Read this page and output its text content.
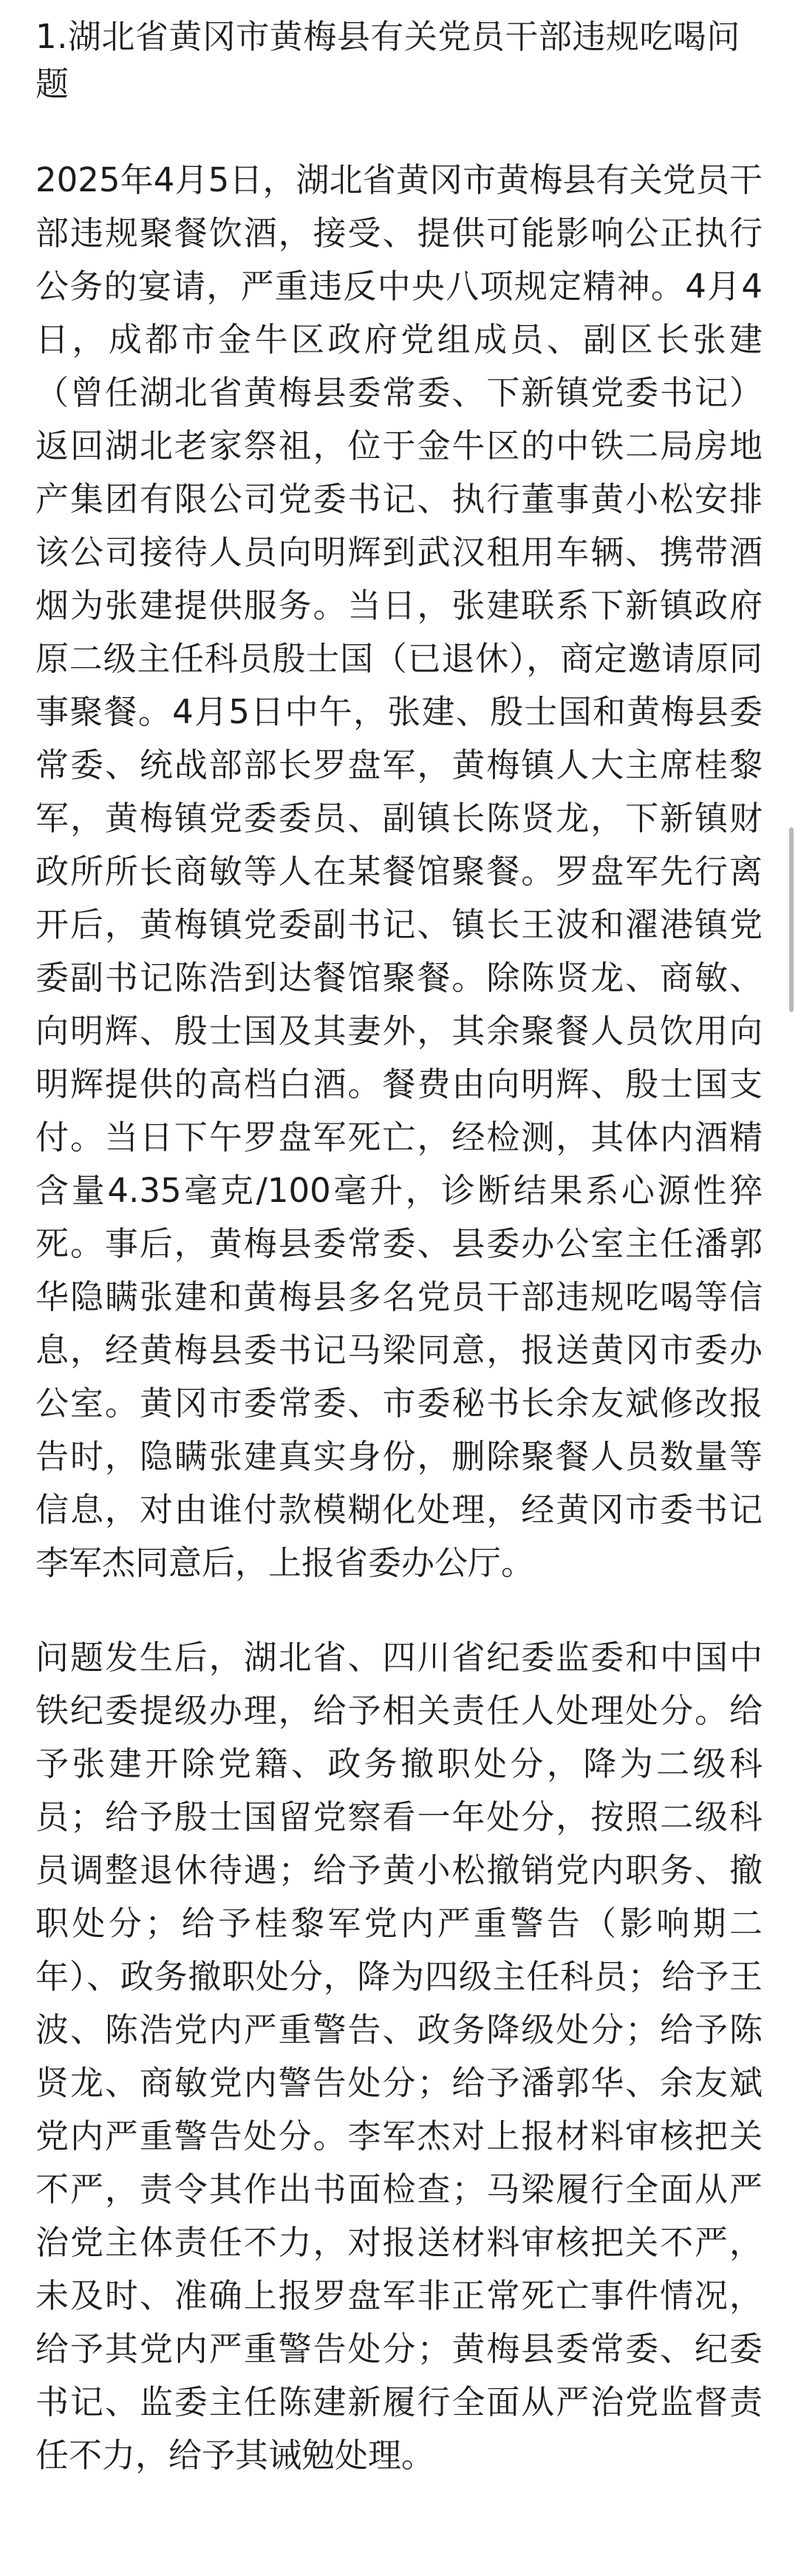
1.湖北省黄冈市黄梅县有关党员干部违规吃喝问题

2025年4月5日，湖北省黄冈市黄梅县有关党员干部违规聚餐饮酒，接受、提供可能影响公正执行公务的宴请，严重违反中央八项规定精神。4月4日，成都市金牛区政府党组成员、副区长张建（曾任湖北省黄梅县委常委、下新镇党委书记）返回湖北老家祭祖，位于金牛区的中铁二局房地产集团有限公司党委书记、执行董事黄小松安排该公司接待人员向明辉到武汉租用车辆、携带酒烟为张建提供服务。当日，张建联系下新镇政府原二级主任科员殷士国（已退休），商定邀请原同事聚餐。4月5日中午，张建、殷士国和黄梅县委常委、统战部部长罗盘军，黄梅镇人大主席桂黎军，黄梅镇党委委员、副镇长陈贤龙，下新镇财政所所长商敏等人在某餐馆聚餐。罗盘军先行离开后，黄梅镇党委副书记、镇长王波和濯港镇党委副书记陈浩到达餐馆聚餐。除陈贤龙、商敏、向明辉、殷士国及其妻外，其余聚餐人员饮用向明辉提供的高档白酒。餐费由向明辉、殷士国支付。当日下午罗盘军死亡，经检测，其体内酒精含量4.35毫克/100毫升，诊断结果系心源性猝死。事后，黄梅县委常委、县委办公室主任潘郭华隐瞒张建和黄梅县多名党员干部违规吃喝等信息，经黄梅县委书记马梁同意，报送黄冈市委办公室。黄冈市委常委、市委秘书长余友斌修改报告时，隐瞒张建真实身份，删除聚餐人员数量等信息，对由谁付款模糊化处理，经黄冈市委书记李军杰同意后，上报省委办公厅。

问题发生后，湖北省、四川省纪委监委和中国中铁纪委提级办理，给予相关责任人处理处分。给予张建开除党籍、政务撤职处分，降为二级科员；给予殷士国留党察看一年处分，按照二级科员调整退休待遇；给予黄小松撤销党内职务、撤职处分；给予桂黎军党内严重警告（影响期二年）、政务撤职处分，降为四级主任科员；给予王波、陈浩党内严重警告、政务降级处分；给予陈贤龙、商敏党内警告处分；给予潘郭华、余友斌党内严重警告处分。李军杰对上报材料审核把关不严，责令其作出书面检查；马梁履行全面从严治党主体责任不力，对报送材料审核把关不严，未及时、准确上报罗盘军非正常死亡事件情况，给予其党内严重警告处分；黄梅县委常委、纪委书记、监委主任陈建新履行全面从严治党监督责任不力，给予其诫勉处理。
